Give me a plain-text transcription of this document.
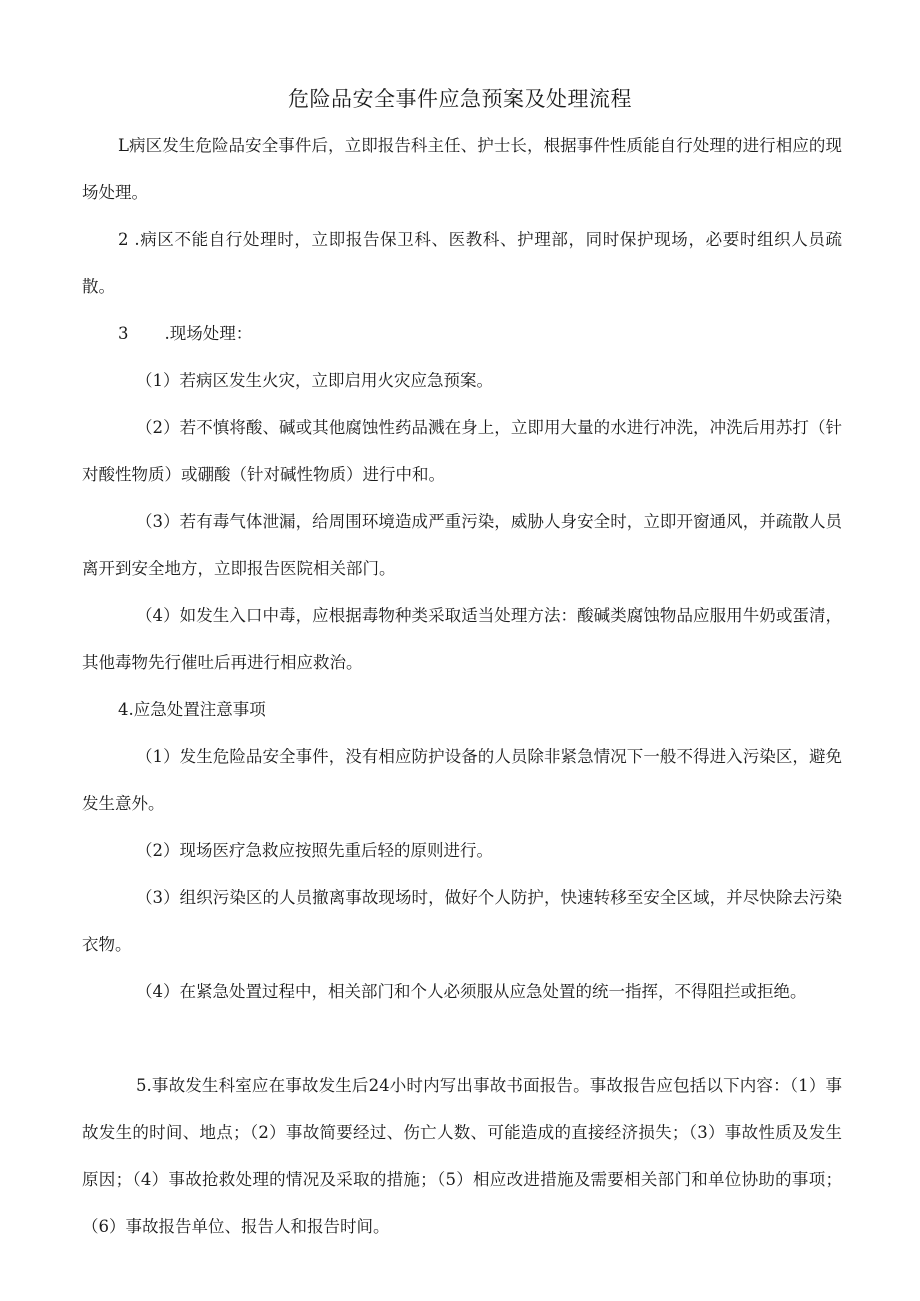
危险品安全事件应急预案及处理流程

L病区发生危险品安全事件后，立即报告科主任、护士长，根据事件性质能自行处理的进行相应的现场处理。

2 .病区不能自行处理时，立即报告保卫科、医教科、护理部，同时保护现场，必要时组织人员疏散。

3 .现场处理：

（1）若病区发生火灾，立即启用火灾应急预案。

（2）若不慎将酸、碱或其他腐蚀性药品溅在身上，立即用大量的水进行冲洗，冲洗后用苏打（针对酸性物质）或硼酸（针对碱性物质）进行中和。

（3）若有毒气体泄漏，给周围环境造成严重污染，威胁人身安全时，立即开窗通风，并疏散人员离开到安全地方，立即报告医院相关部门。

（4）如发生入口中毒，应根据毒物种类采取适当处理方法：酸碱类腐蚀物品应服用牛奶或蛋清，其他毒物先行催吐后再进行相应救治。

4.应急处置注意事项

（1）发生危险品安全事件，没有相应防护设备的人员除非紧急情况下一般不得进入污染区，避免发生意外。

（2）现场医疗急救应按照先重后轻的原则进行。

（3）组织污染区的人员撤离事故现场时，做好个人防护，快速转移至安全区域，并尽快除去污染衣物。

（4）在紧急处置过程中，相关部门和个人必须服从应急处置的统一指挥，不得阻拦或拒绝。

5.事故发生科室应在事故发生后24小时内写出事故书面报告。事故报告应包括以下内容：（1）事故发生的时间、地点；（2）事故简要经过、伤亡人数、可能造成的直接经济损失；（3）事故性质及发生原因；（4）事故抢救处理的情况及采取的措施；（5）相应改进措施及需要相关部门和单位协助的事项；（6）事故报告单位、报告人和报告时间。
